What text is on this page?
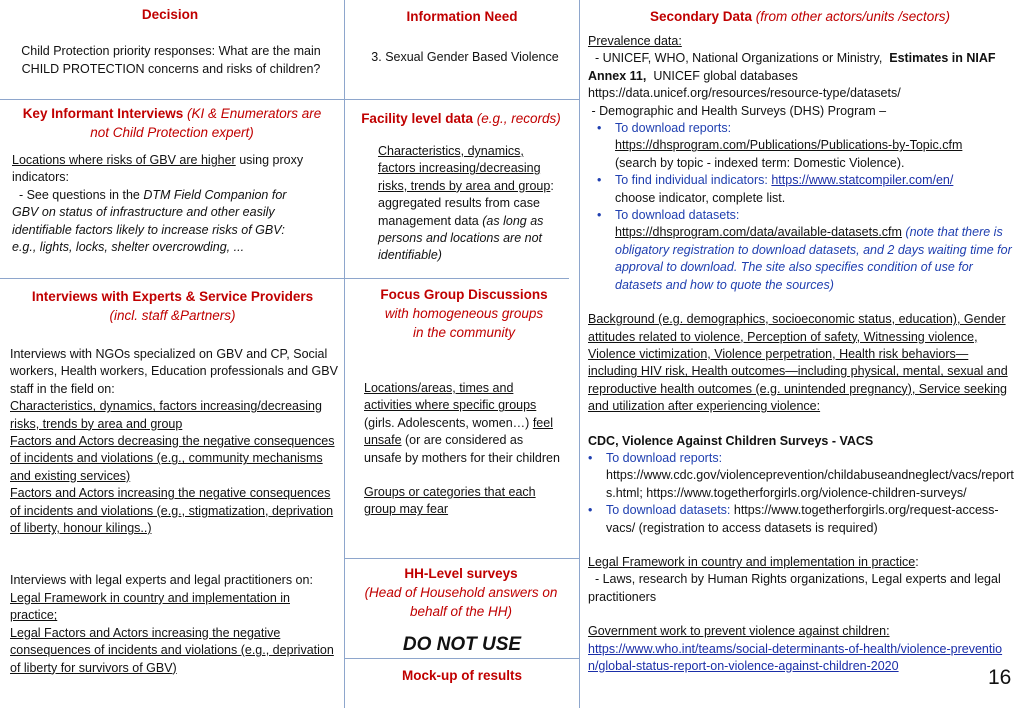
Decision
Child Protection priority responses: What are the main CHILD PROTECTION concerns and risks of children?
Key Informant Interviews (KI & Enumerators are not Child Protection expert)
Locations where risks of GBV are higher using proxy indicators:
- See questions in the DTM Field Companion for GBV on status of infrastructure and other easily identifiable factors likely to increase risks of GBV: e.g., lights, locks, shelter overcrowding, ...
Interviews with Experts & Service Providers (incl. staff &Partners)
Interviews with NGOs specialized on GBV and CP, Social workers, Health workers, Education professionals and GBV staff in the field on:
Characteristics, dynamics, factors increasing/decreasing risks, trends by area and group
Factors and Actors decreasing the negative consequences of incidents and violations (e.g., community mechanisms and existing services)
Factors and Actors increasing the negative consequences of incidents and violations (e.g., stigmatization, deprivation of liberty, honour kilings..)
Interviews with legal experts and legal practitioners on:
Legal Framework in country and implementation in practice;
Legal Factors and Actors increasing the negative consequences of incidents and violations (e.g., deprivation of liberty for survivors of GBV)
Information Need
3. Sexual Gender Based Violence
Facility level data (e.g., records)
Characteristics, dynamics, factors increasing/decreasing risks, trends by area and group: aggregated results from case management data (as long as persons and locations are not identifiable)
Focus Group Discussions with homogeneous groups in the community
Locations/areas, times and activities where specific groups (girls. Adolescents, women…) feel unsafe (or are considered as unsafe by mothers for their children
Groups or categories that each group may fear
HH-Level surveys
(Head of Household answers on behalf of the HH)
DO NOT USE
Mock-up of results
Secondary Data (from other actors/units /sectors)
Prevalence data:
- UNICEF, WHO, National Organizations or Ministry,  Estimates in NIAF Annex 11,  UNICEF global databases https://data.unicef.org/resources/resource-type/datasets/
- Demographic and Health Surveys (DHS) Program –
• To download reports:
https://dhsprogram.com/Publications/Publications-by-Topic.cfm
(search by topic - indexed term: Domestic Violence).
• To find individual indicators: https://www.statcompiler.com/en/
choose indicator, complete list.
• To download datasets:
https://dhsprogram.com/data/available-datasets.cfm (note that there is obligatory registration to download datasets, and 2 days waiting time for approval to download. The site also specifies condition of use for datasets and how to quote the sources)
Background (e.g. demographics, socioeconomic status, education), Gender attitudes related to violence, Perception of safety, Witnessing violence, Violence victimization, Violence perpetration, Health risk behaviors—including HIV risk, Health outcomes—including physical, mental, sexual and reproductive health outcomes (e.g. unintended pregnancy), Service seeking and utilization after experiencing violence:
CDC, Violence Against Children Surveys - VACS
• To download reports:
https://www.cdc.gov/violenceprevention/childabuseandneglect/vacs/reports.html; https://www.togetherforgirls.org/violence-children-surveys/
• To download datasets: https://www.togetherforgirls.org/request-access-vacs/ (registration to access datasets is required)
Legal Framework in country and implementation in practice:
- Laws, research by Human Rights organizations, Legal experts and legal practitioners
Government work to prevent violence against children:
https://www.who.int/teams/social-determinants-of-health/violence-prevention/global-status-report-on-violence-against-children-2020	16
